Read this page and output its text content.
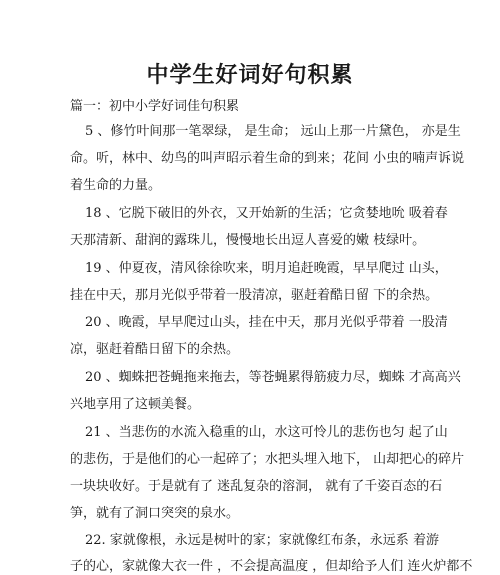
中学生好词好句积累
篇一：初中小学好词佳句积累
5 、修竹叶间那一笔翠绿， 是生命； 远山上那一片黛色， 亦是生
命。听，林中、幼鸟的叫声昭示着生命的到来；花间 小虫的喃声诉说
着生命的力量。
18 、它脱下破旧的外衣，又开始新的生活；它贪婪地吮 吸着春
天那清新、甜润的露珠儿，慢慢地长出逗人喜爱的嫩 枝绿叶。
19 、仲夏夜，清风徐徐吹来，明月追赶晚霞，早早爬过 山头，
挂在中天，那月光似乎带着一股清凉，驱赶着酷日留 下的余热。
20 、晚霞，早早爬过山头，挂在中天，那月光似乎带着 一股清
凉，驱赶着酷日留下的余热。
20 、蜘蛛把苍蝇拖来拖去，等苍蝇累得筋疲力尽，蜘蛛 才高高兴
兴地享用了这顿美餐。
21 、当悲伤的水流入稳重的山，水这可怜儿的悲伤也匀 起了山
的悲伤，于是他们的心一起碎了；水把头埋入地下， 山却把心的碎片
一块块收好。于是就有了 迷乱复杂的溶洞， 就有了千姿百态的石
笋，就有了洞口突突的泉水。
22. 家就像根，永远是树叶的家；家就像红布条，永远系 着游
子的心，家就像大衣一件 ，不会提高温度 ，但却给予人们 连火炉都不
